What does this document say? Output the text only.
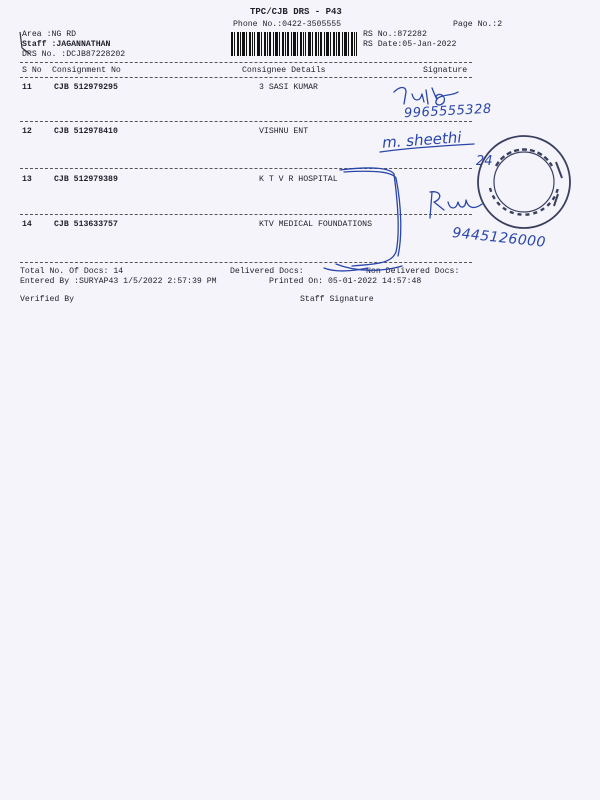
TPC/CJB DRS - P43
Phone No.:0422-3505555	Page No.:2
Area :NG RD
Staff :JAGANNATHAN
DRS No. :DCJB87228202
RS No.:872282
RS Date:05-Jan-2022
S No Consignment No	Consignee Details	Signature
11	CJB 512979295	3 SASI KUMAR
12	CJB 512978410	VISHNU ENT
13	CJB 512979389	K T V R HOSPITAL
14	CJB 513633757	KTV MEDICAL FOUNDATIONS
Total No. Of Docs: 14	Delivered Docs:	Non Delivered Docs:
Entered By :SURYAP43 1/5/2022 2:57:39 PM	Printed On: 05-01-2022 14:57:48
Verified By	Staff Signature
9965555328
m. sheethi
24
9445126000
